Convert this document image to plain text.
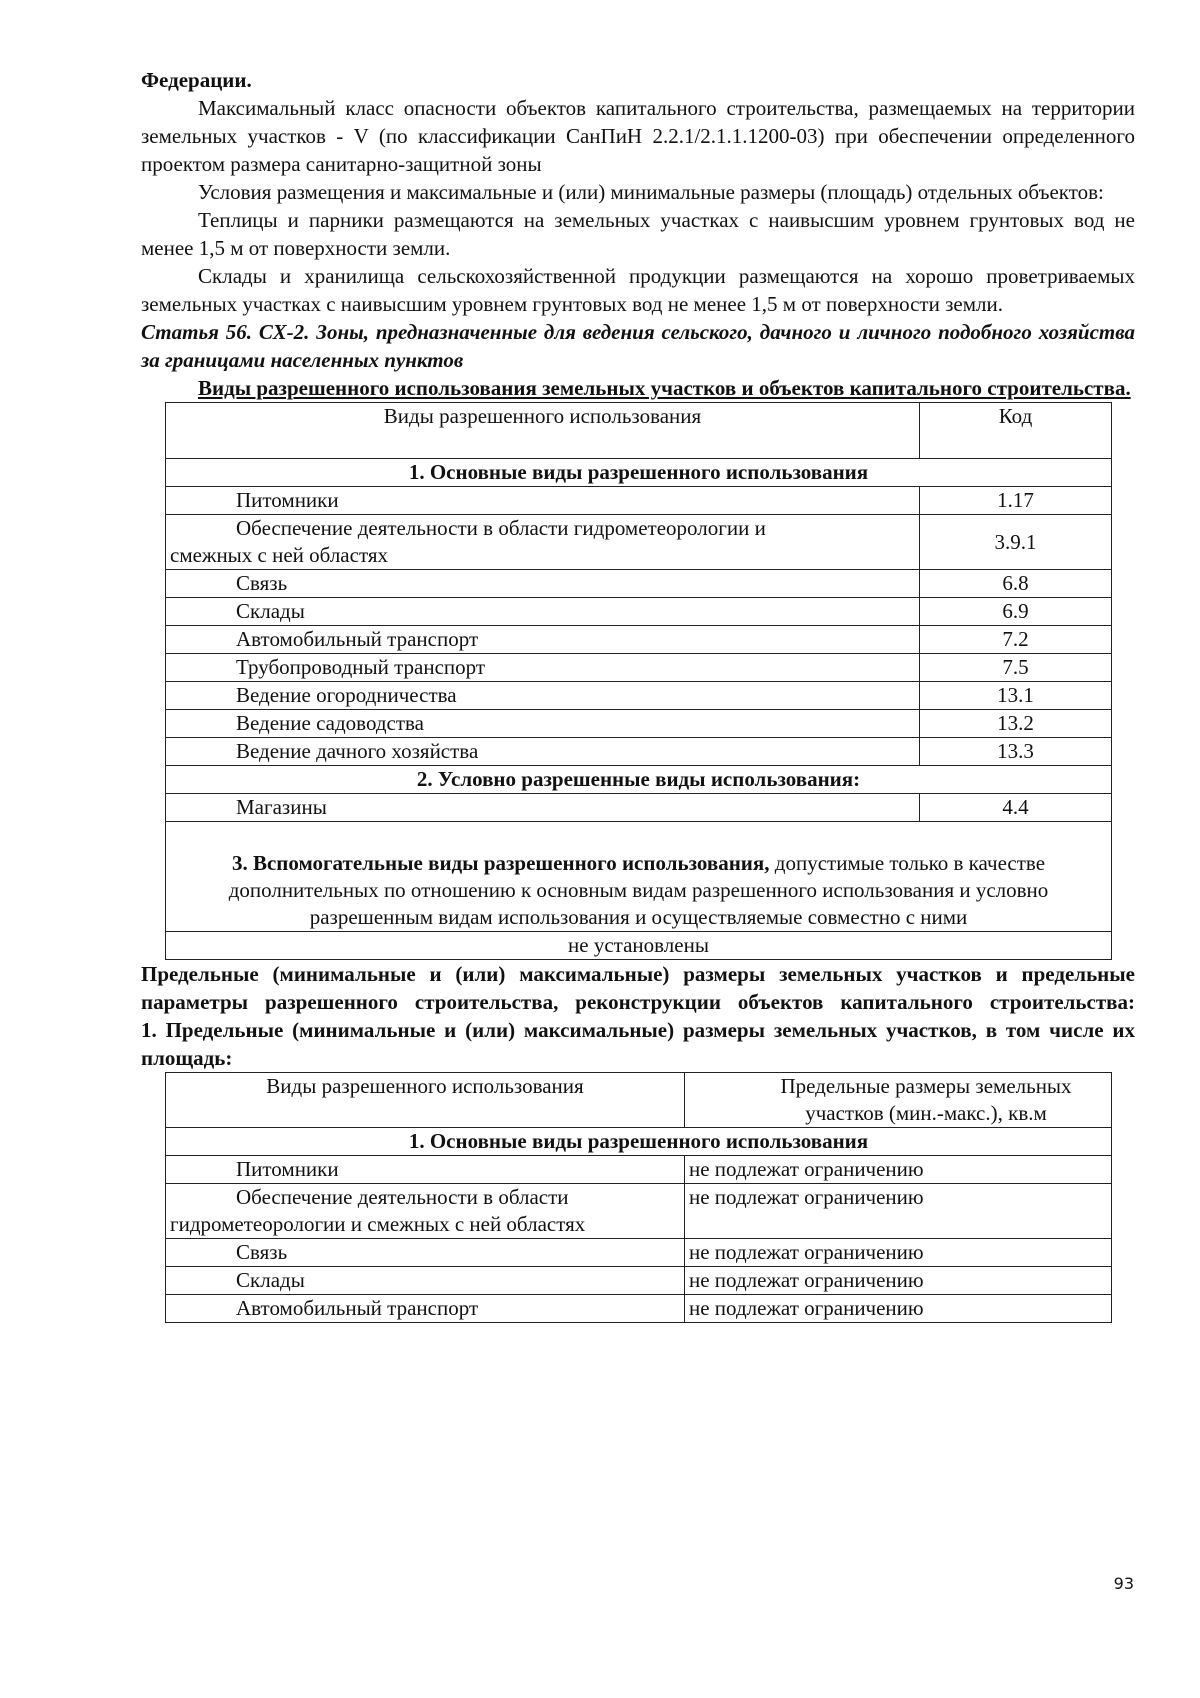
Федерации.

Максимальный класс опасности объектов капитального строительства, размещаемых на территории земельных участков - V (по классификации СанПиН 2.2.1/2.1.1.1200-03) при обеспечении определенного проектом размера санитарно-защитной зоны

Условия размещения и максимальные и (или) минимальные размеры (площадь) отдельных объектов:

Теплицы и парники размещаются на земельных участках с наивысшим уровнем грунтовых вод не менее 1,5 м от поверхности земли.

Склады и хранилища сельскохозяйственной продукции размещаются на хорошо проветриваемых земельных участках с наивысшим уровнем грунтовых вод не менее 1,5 м от поверхности земли.

Статья 56. СХ-2. Зоны, предназначенные для ведения сельского, дачного и личного подобного хозяйства за границами населенных пунктов

Виды разрешенного использования земельных участков и объектов капитального строительства.

Виды разрешенного использования	Код
1. Основные виды разрешенного использования	
Питомники	1.17

Обеспечение деятельности в области гидрометеорологии и
смежных с ней областях	3.9.1
Связь	6.8
Склады	6.9
Автомобильный транспорт	7.2
Трубопроводный транспорт	7.5
Ведение огородничества	13.1
Ведение садоводства	13.2
Ведение дачного хозяйства	13.3
2. Условно разрешенные виды использования:	
Магазины	4.4
3. Вспомогательные виды разрешенного использования, допустимые только в качестве дополнительных по отношению к основным видам разрешенного использования и условно разрешенным видам использования и осуществляемые совместно с ними	
не установлены	

Предельные (минимальные и (или) максимальные) размеры земельных участков и предельные параметры разрешенного строительства, реконструкции объектов капитального строительства:

1. Предельные (минимальные и (или) максимальные) размеры земельных участков, в том числе их площадь:

Виды разрешенного использования	Предельные размеры земельных участков (мин.-макс.), кв.м
1. Основные виды разрешенного использования	
Питомники	не подлежат ограничению

Обеспечение деятельности в области
гидрометеорологии и смежных с ней областях	не подлежат ограничению
Связь	не подлежат ограничению
Склады	не подлежат ограничению
Автомобильный транспорт	не подлежат ограничению
93
